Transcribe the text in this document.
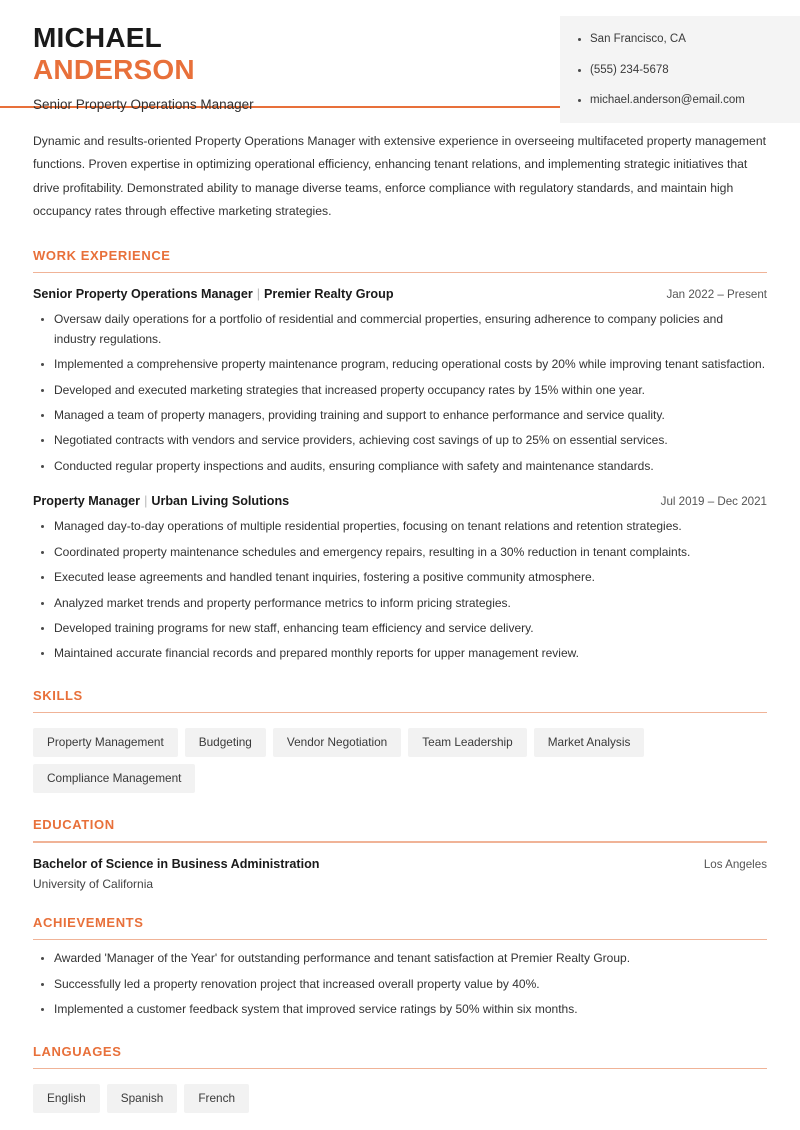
MICHAEL
ANDERSON
Senior Property Operations Manager
San Francisco, CA
(555) 234-5678
michael.anderson@email.com
Dynamic and results-oriented Property Operations Manager with extensive experience in overseeing multifaceted property management functions. Proven expertise in optimizing operational efficiency, enhancing tenant relations, and implementing strategic initiatives that drive profitability. Demonstrated ability to manage diverse teams, enforce compliance with regulatory standards, and maintain high occupancy rates through effective marketing strategies.
WORK EXPERIENCE
Senior Property Operations Manager | Premier Realty Group	Jan 2022 – Present
Oversaw daily operations for a portfolio of residential and commercial properties, ensuring adherence to company policies and industry regulations.
Implemented a comprehensive property maintenance program, reducing operational costs by 20% while improving tenant satisfaction.
Developed and executed marketing strategies that increased property occupancy rates by 15% within one year.
Managed a team of property managers, providing training and support to enhance performance and service quality.
Negotiated contracts with vendors and service providers, achieving cost savings of up to 25% on essential services.
Conducted regular property inspections and audits, ensuring compliance with safety and maintenance standards.
Property Manager | Urban Living Solutions	Jul 2019 – Dec 2021
Managed day-to-day operations of multiple residential properties, focusing on tenant relations and retention strategies.
Coordinated property maintenance schedules and emergency repairs, resulting in a 30% reduction in tenant complaints.
Executed lease agreements and handled tenant inquiries, fostering a positive community atmosphere.
Analyzed market trends and property performance metrics to inform pricing strategies.
Developed training programs for new staff, enhancing team efficiency and service delivery.
Maintained accurate financial records and prepared monthly reports for upper management review.
SKILLS
Property Management	Budgeting	Vendor Negotiation	Team Leadership	Market Analysis
Compliance Management
EDUCATION
Bachelor of Science in Business Administration	Los Angeles
University of California
ACHIEVEMENTS
Awarded 'Manager of the Year' for outstanding performance and tenant satisfaction at Premier Realty Group.
Successfully led a property renovation project that increased overall property value by 40%.
Implemented a customer feedback system that improved service ratings by 50% within six months.
LANGUAGES
English	Spanish	French
